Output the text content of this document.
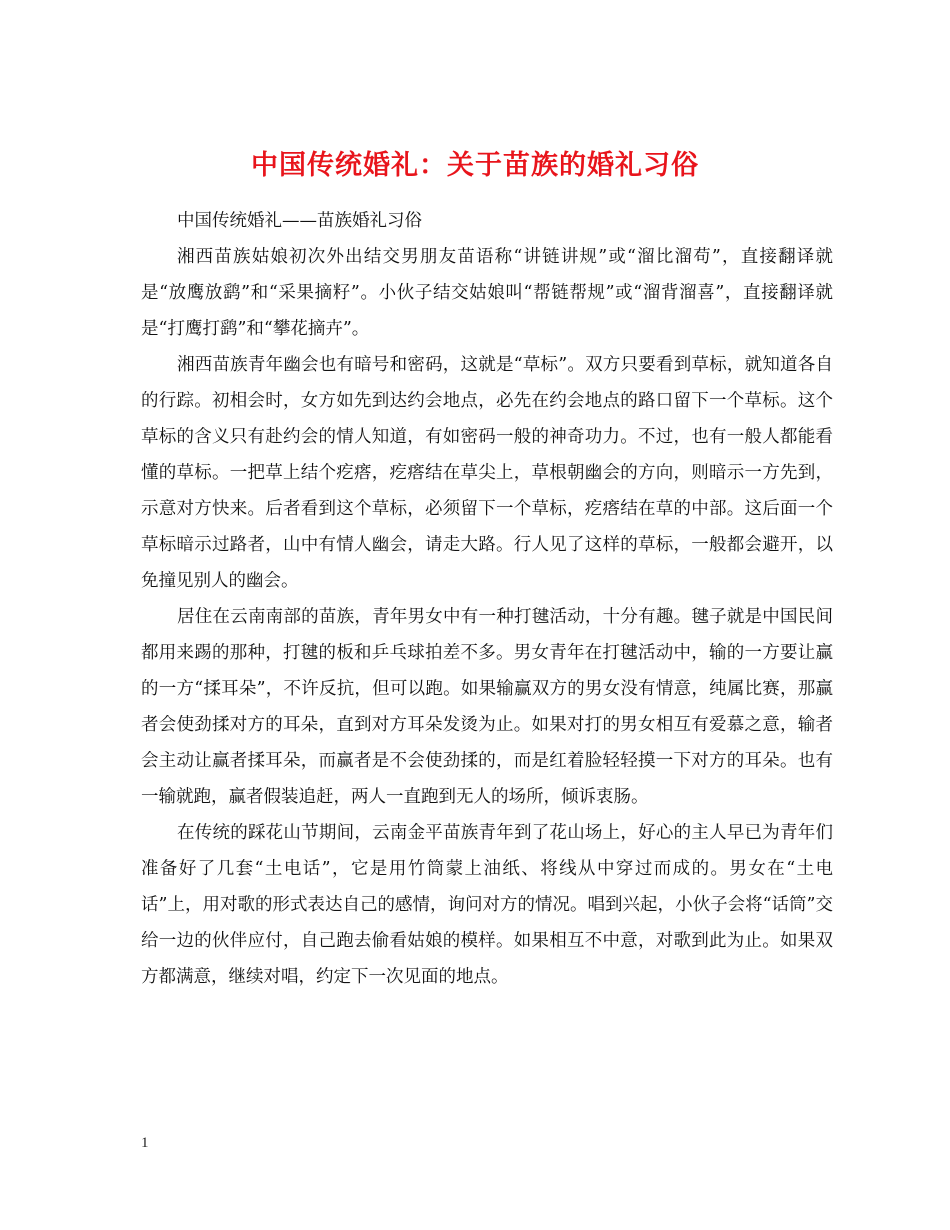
中国传统婚礼：关于苗族的婚礼习俗

中国传统婚礼——苗族婚礼习俗

湘西苗族姑娘初次外出结交男朋友苗语称“讲链讲规”或“溜比溜苟”，直接翻译就是“放鹰放鹞”和“采果摘籽”。小伙子结交姑娘叫“帮链帮规”或“溜背溜喜”，直接翻译就是“打鹰打鹞”和“攀花摘卉”。

湘西苗族青年幽会也有暗号和密码，这就是“草标”。双方只要看到草标，就知道各自的行踪。初相会时，女方如先到达约会地点，必先在约会地点的路口留下一个草标。这个草标的含义只有赴约会的情人知道，有如密码一般的神奇功力。不过，也有一般人都能看懂的草标。一把草上结个疙瘩，疙瘩结在草尖上，草根朝幽会的方向，则暗示一方先到，示意对方快来。后者看到这个草标，必须留下一个草标，疙瘩结在草的中部。这后面一个草标暗示过路者，山中有情人幽会，请走大路。行人见了这样的草标，一般都会避开，以免撞见别人的幽会。

居住在云南南部的苗族，青年男女中有一种打毽活动，十分有趣。毽子就是中国民间都用来踢的那种，打毽的板和乒乓球拍差不多。男女青年在打毽活动中，输的一方要让赢的一方“揉耳朵”，不许反抗，但可以跑。如果输赢双方的男女没有情意，纯属比赛，那赢者会使劲揉对方的耳朵，直到对方耳朵发烫为止。如果对打的男女相互有爱慕之意，输者会主动让赢者揉耳朵，而赢者是不会使劲揉的，而是红着脸轻轻摸一下对方的耳朵。也有一输就跑，赢者假装追赶，两人一直跑到无人的场所，倾诉衷肠。

在传统的踩花山节期间，云南金平苗族青年到了花山场上，好心的主人早已为青年们准备好了几套“土电话”，它是用竹筒蒙上油纸、将线从中穿过而成的。男女在“土电话”上，用对歌的形式表达自己的感情，询问对方的情况。唱到兴起，小伙子会将“话筒”交给一边的伙伴应付，自己跑去偷看姑娘的模样。如果相互不中意，对歌到此为止。如果双方都满意，继续对唱，约定下一次见面的地点。

1
